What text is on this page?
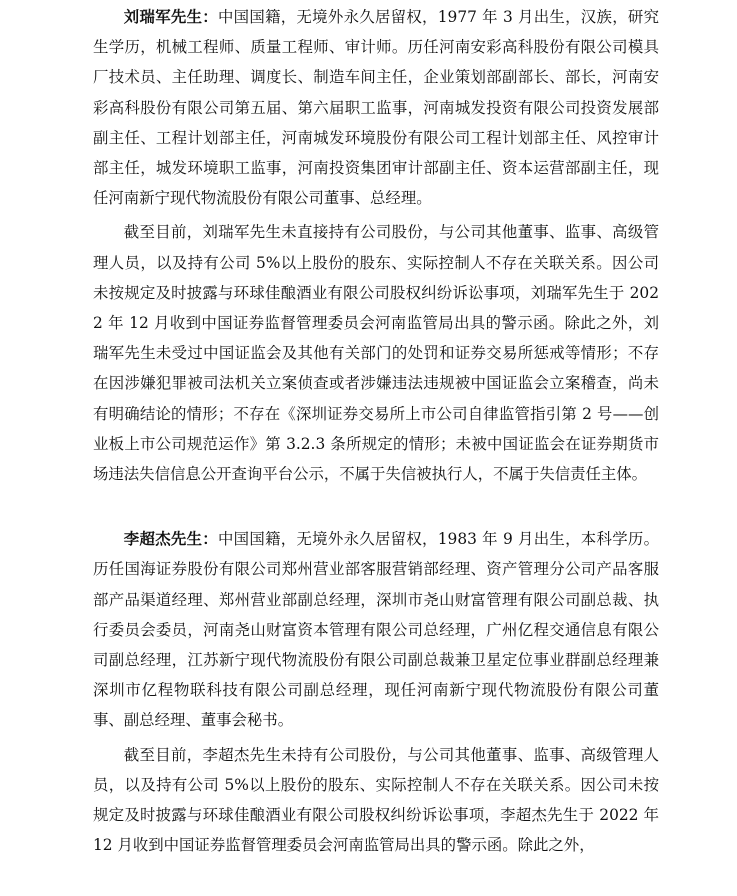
刘瑞军先生：中国国籍，无境外永久居留权，1977 年 3 月出生，汉族，研究生学历，机械工程师、质量工程师、审计师。历任河南安彩高科股份有限公司模具厂技术员、主任助理、调度长、制造车间主任，企业策划部副部长、部长，河南安彩高科股份有限公司第五届、第六届职工监事，河南城发投资有限公司投资发展部副主任、工程计划部主任，河南城发环境股份有限公司工程计划部主任、风控审计部主任，城发环境职工监事，河南投资集团审计部副主任、资本运营部副主任，现任河南新宁现代物流股份有限公司董事、总经理。

截至目前，刘瑞军先生未直接持有公司股份，与公司其他董事、监事、高级管理人员，以及持有公司 5%以上股份的股东、实际控制人不存在关联关系。因公司未按规定及时披露与环球佳酿酒业有限公司股权纠纷诉讼事项，刘瑞军先生于 2022 年 12 月收到中国证券监督管理委员会河南监管局出具的警示函。除此之外，刘瑞军先生未受过中国证监会及其他有关部门的处罚和证券交易所惩戒等情形；不存在因涉嫌犯罪被司法机关立案侦查或者涉嫌违法违规被中国证监会立案稽查，尚未有明确结论的情形；不存在《深圳证券交易所上市公司自律监管指引第 2 号——创业板上市公司规范运作》第 3.2.3 条所规定的情形；未被中国证监会在证券期货市场违法失信信息公开查询平台公示，不属于失信被执行人，不属于失信责任主体。

李超杰先生：中国国籍，无境外永久居留权，1983 年 9 月出生，本科学历。历任国海证券股份有限公司郑州营业部客服营销部经理、资产管理分公司产品客服部产品渠道经理、郑州营业部副总经理，深圳市尧山财富管理有限公司副总裁、执行委员会委员，河南尧山财富资本管理有限公司总经理，广州亿程交通信息有限公司副总经理，江苏新宁现代物流股份有限公司副总裁兼卫星定位事业群副总经理兼深圳市亿程物联科技有限公司副总经理，现任河南新宁现代物流股份有限公司董事、副总经理、董事会秘书。

截至目前，李超杰先生未持有公司股份，与公司其他董事、监事、高级管理人员，以及持有公司 5%以上股份的股东、实际控制人不存在关联关系。因公司未按规定及时披露与环球佳酿酒业有限公司股权纠纷诉讼事项，李超杰先生于 2022 年 12 月收到中国证券监督管理委员会河南监管局出具的警示函。除此之外，
